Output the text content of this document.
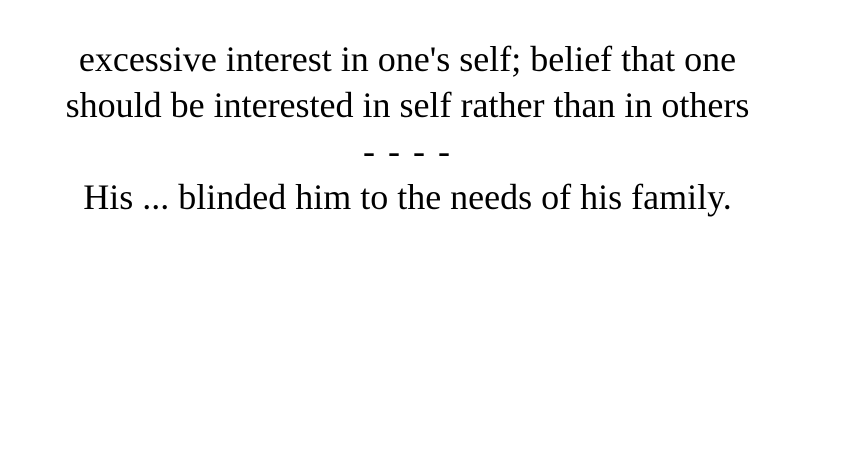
excessive interest in one's self; belief that one
should be interested in self rather than in others
- - - -
His ... blinded him to the needs of his family.
